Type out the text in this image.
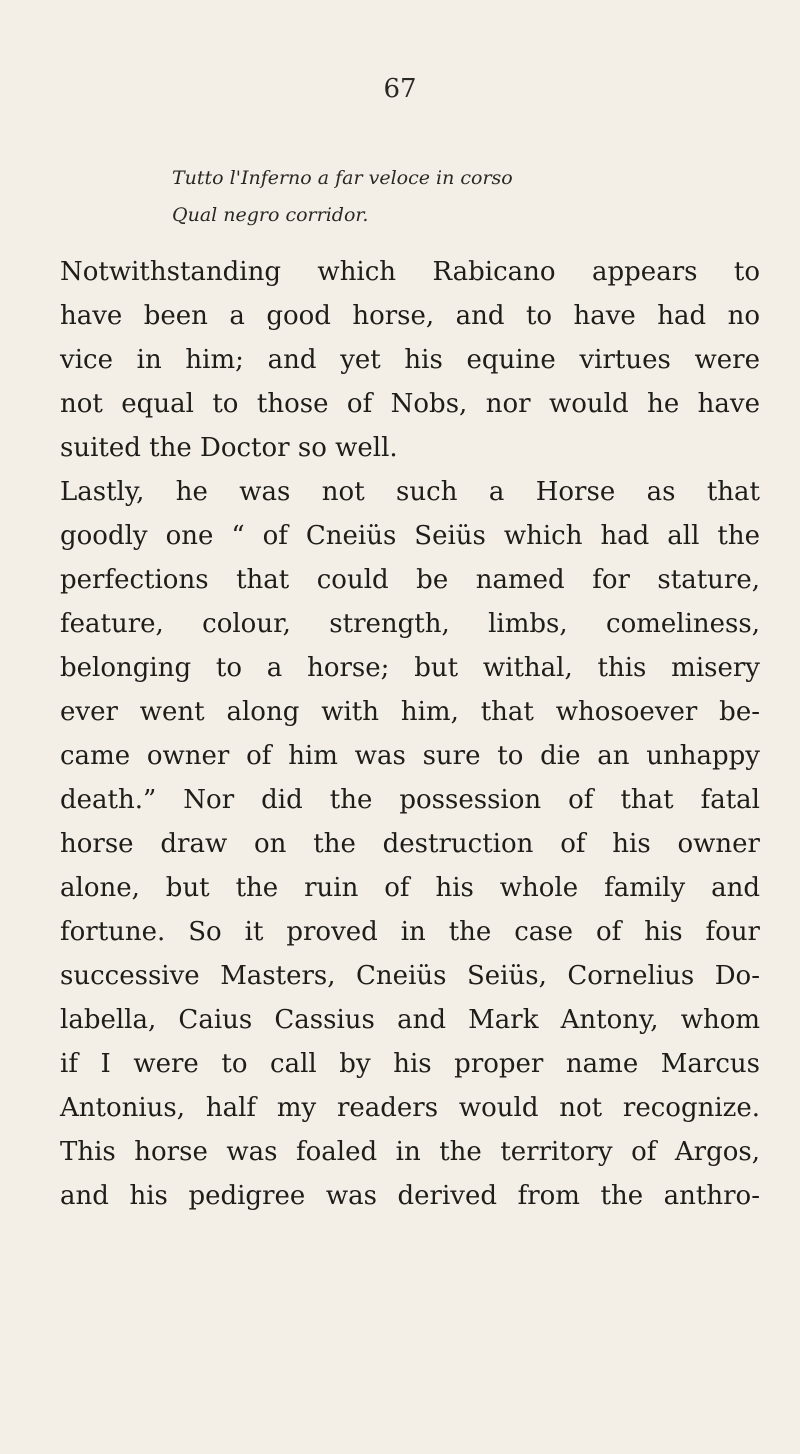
67
Tutto l'Inferno a far veloce in corso
Qual negro corridor.
Notwithstanding which Rabicano appears to
have been a good horse, and to have had no
vice in him; and yet his equine virtues were
not equal to those of Nobs, nor would he have
suited the Doctor so well.
Lastly, he was not such a Horse as that
goodly one “ of Cneiüs Seiüs which had all the
perfections that could be named for stature,
feature, colour, strength, limbs, comeliness,
belonging to a horse; but withal, this misery
ever went along with him, that whosoever be-
came owner of him was sure to die an unhappy
death.” Nor did the possession of that fatal
horse draw on the destruction of his owner
alone, but the ruin of his whole family and
fortune. So it proved in the case of his four
successive Masters, Cneiüs Seiüs, Cornelius Do-
labella, Caius Cassius and Mark Antony, whom
if I were to call by his proper name Marcus
Antonius, half my readers would not recognize.
This horse was foaled in the territory of Argos,
and his pedigree was derived from the anthro-
